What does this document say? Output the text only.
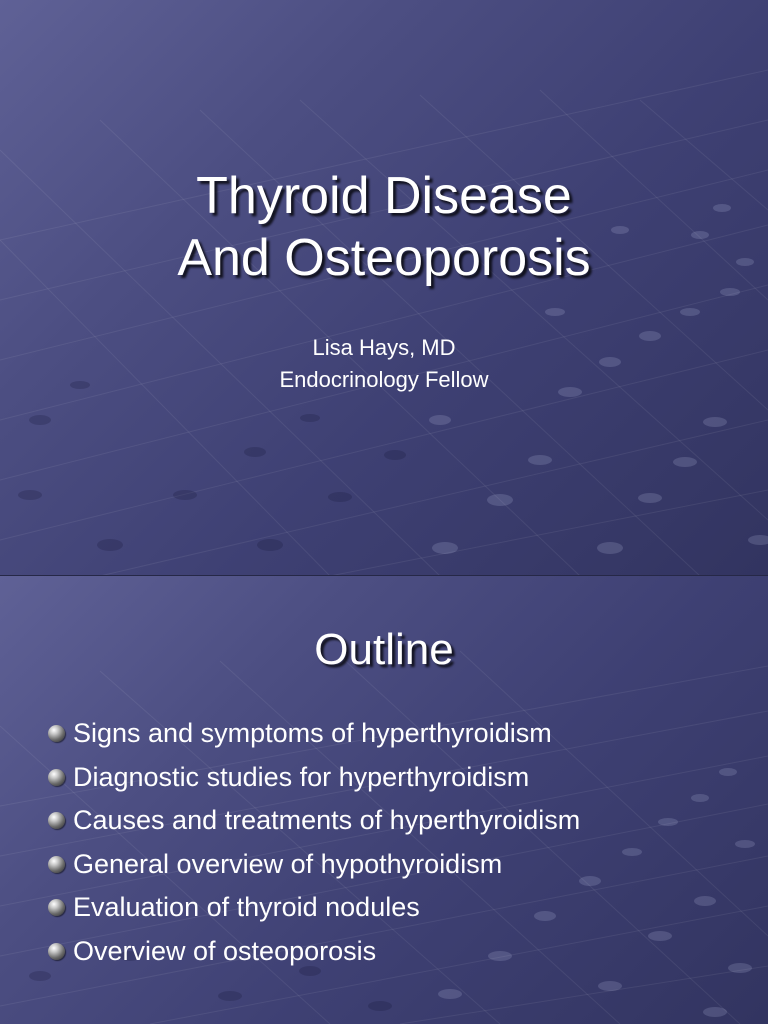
Thyroid Disease
And Osteoporosis
Lisa Hays, MD
Endocrinology Fellow
Outline
Signs and symptoms of hyperthyroidism
Diagnostic studies for hyperthyroidism
Causes and treatments of hyperthyroidism
General overview of hypothyroidism
Evaluation of thyroid nodules
Overview of osteoporosis
